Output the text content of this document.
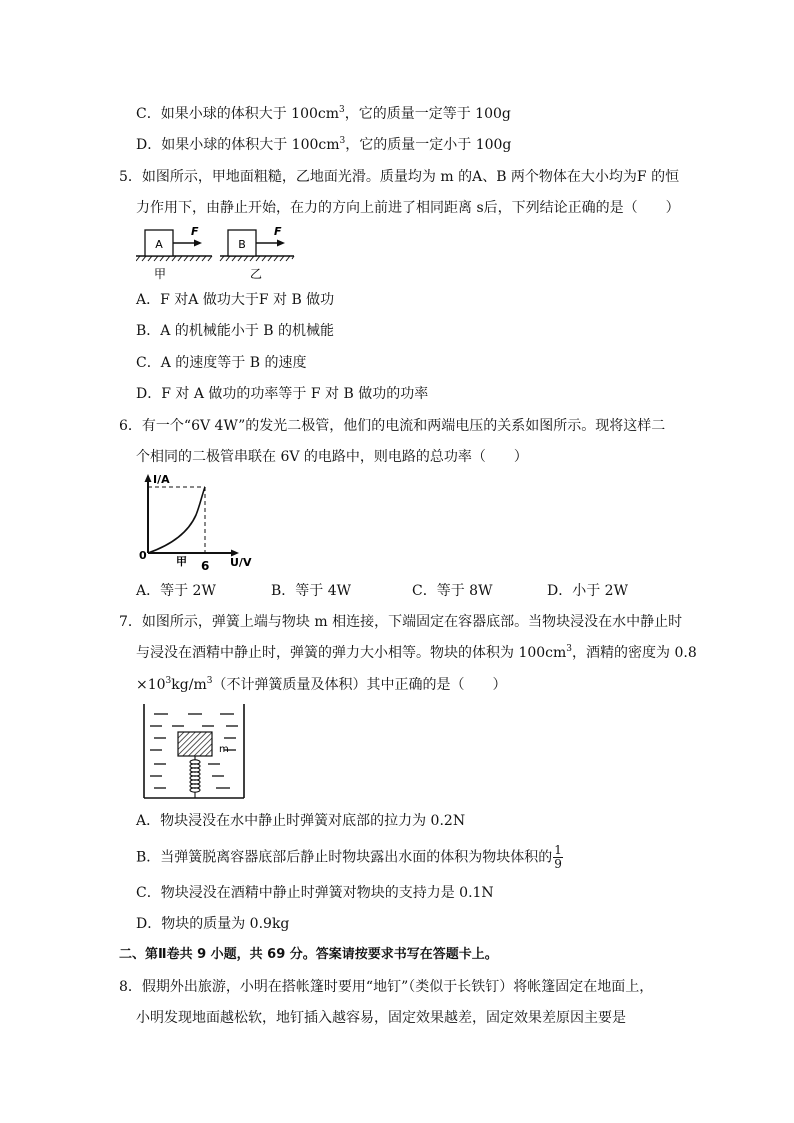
C．如果小球的体积大于 $100cm^3$，它的质量一定等于 100g
D．如果小球的体积大于 $100cm^3$，它的质量一定小于 100g
5．如图所示，甲地面粗糙，乙地面光滑。质量均为 m 的A、B 两个物体在大小均为F 的恒
力作用下，由静止开始，在力的方向上前进了相同距离 s后，下列结论正确的是（　　）
A
F
甲
B
F
乙
A．F 对A 做功大于F 对 B 做功
B．A 的机械能小于 B 的机械能
C．A 的速度等于 B 的速度
D．F 对 A 做功的功率等于 F 对 B 做功的功率
6．有一个“6V 4W”的发光二极管，他们的电流和两端电压的关系如图所示。现将这样二
个相同的二极管串联在 6V 的电路中，则电路的总功率（　　）
I/A
U/V
0	甲 6
A．等于 2W	B．等于 4W	C．等于 8W	D．小于 2W
7．如图所示，弹簧上端与物块 m 相连接，下端固定在容器底部。当物块浸没在水中静止时
与浸没在酒精中静止时，弹簧的弹力大小相等。物块的体积为 $100cm^3$，酒精的密度为 0.8
$\times 10^3kg/m^3$（不计弹簧质量及体积）其中正确的是（　　）
m
A．物块浸没在水中静止时弹簧对底部的拉力为 0.2N
B．当弹簧脱离容器底部后静止时物块露出水面的体积为物块体积的 $\frac{1}{9}$
C．物块浸没在酒精中静止时弹簧对物块的支持力是 0.1N
D．物块的质量为 0.9kg
二、第Ⅱ卷共 9 小题，共 69 分。答案请按要求书写在答题卡上。
8．假期外出旅游，小明在搭帐篷时要用“地钉”（类似于长铁钉）将帐篷固定在地面上，
小明发现地面越松软，地钉插入越容易，固定效果越差，固定效果差原因主要是
